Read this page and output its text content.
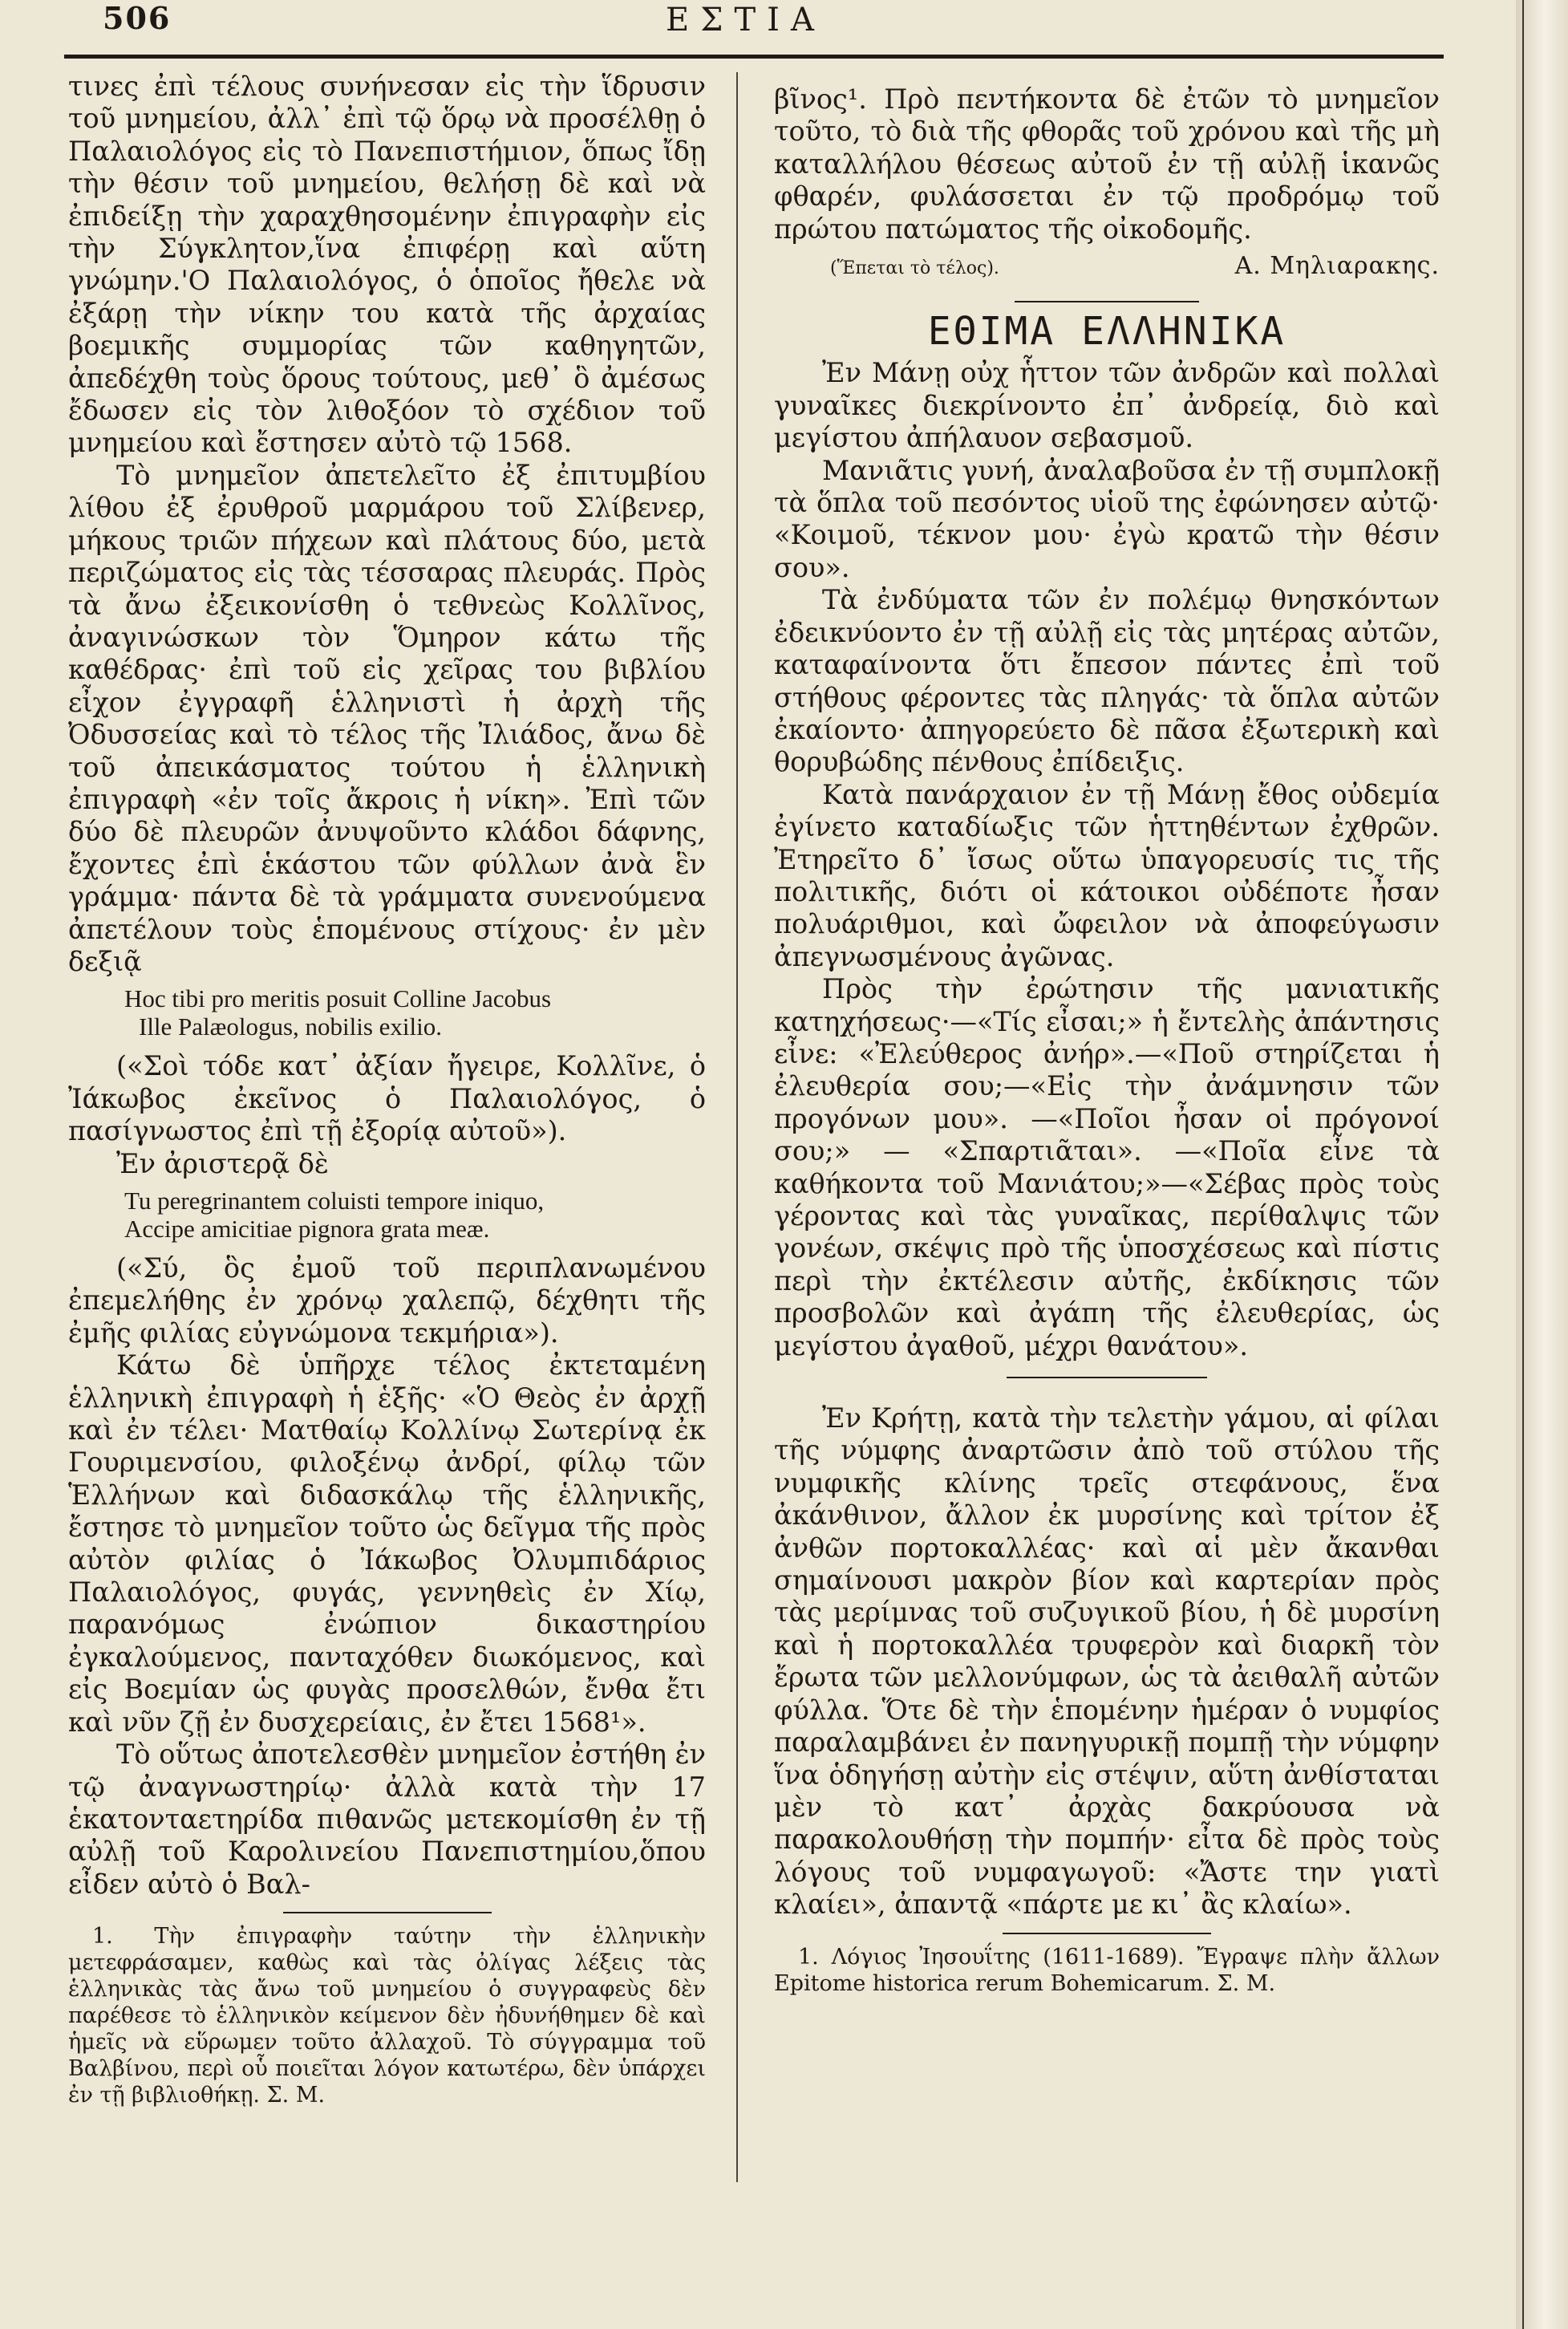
506	ΕΣΤΙΑ

τινες ἐπὶ τέλους συνήνεσαν εἰς τὴν ἵδρυσιν τοῦ μνημείου, ἀλλ᾽ ἐπὶ τῷ ὅρῳ νὰ προσέλθῃ ὁ Παλαιολόγος εἰς τὸ Πανεπιστήμιον, ὅπως ἴδῃ τὴν θέσιν τοῦ μνημείου, θελήσῃ δὲ καὶ νὰ ἐπιδείξῃ τὴν χαραχθησομένην ἐπιγραφὴν εἰς τὴν Σύγκλητον,ἵνα ἐπιφέρῃ καὶ αὕτη γνώμην.'Ο Παλαιολόγος, ὁ ὁποῖος ἤθελε νὰ ἐξάρῃ τὴν νίκην του κατὰ τῆς ἀρχαίας βοεμικῆς συμμορίας τῶν καθηγητῶν, ἀπεδέχθη τοὺς ὅρους τούτους, μεθ᾽ ὃ ἀμέσως ἔδωσεν εἰς τὸν λιθοξόον τὸ σχέδιον τοῦ μνημείου καὶ ἔστησεν αὐτὸ τῷ 1568.

Τὸ μνημεῖον ἀπετελεῖτο ἐξ ἐπιτυμβίου λίθου ἐξ ἐρυθροῦ μαρμάρου τοῦ Σλίβενερ, μήκους τριῶν πήχεων καὶ πλάτους δύο, μετὰ περιζώματος εἰς τὰς τέσσαρας πλευράς. Πρὸς τὰ ἄνω ἐξεικονίσθη ὁ τεθνεὼς Κολλῖνος, ἀναγινώσκων τὸν Ὅμηρον κάτω τῆς καθέδρας· ἐπὶ τοῦ εἰς χεῖρας του βιβλίου εἶχον ἐγγραφῆ ἑλληνιστὶ ἡ ἀρχὴ τῆς Ὀδυσσείας καὶ τὸ τέλος τῆς Ἰλιάδος, ἄνω δὲ τοῦ ἀπεικάσματος τούτου ἡ ἑλληνικὴ ἐπιγραφὴ «ἐν τοῖς ἄκροις ἡ νίκη». Ἐπὶ τῶν δύο δὲ πλευρῶν ἀνυψοῦντο κλάδοι δάφνης, ἔχοντες ἐπὶ ἑκάστου τῶν φύλλων ἀνὰ ἓν γράμμα· πάντα δὲ τὰ γράμματα συνενούμενα ἀπετέλουν τοὺς ἑπομένους στίχους· ἐν μὲν δεξιᾷ

Hoc tibi pro meritis posuit Colline Jacobus
Ille Palæologus, nobilis exilio.

(«Σοὶ τόδε κατ᾽ ἀξίαν ἤγειρε, Κολλῖνε, ὁ Ἰάκωβος ἐκεῖνος ὁ Παλαιολόγος, ὁ πασίγνωστος ἐπὶ τῇ ἐξορίᾳ αὐτοῦ»).

Ἐν ἀριστερᾷ δὲ

Tu peregrinantem coluisti tempore iniquo,
Accipe amicitiae pignora grata meæ.

(«Σύ, ὃς ἐμοῦ τοῦ περιπλανωμένου ἐπεμελήθης ἐν χρόνῳ χαλεπῷ, δέχθητι τῆς ἐμῆς φιλίας εὐγνώμονα τεκμήρια»).

Κάτω δὲ ὑπῆρχε τέλος ἐκτεταμένη ἑλληνικὴ ἐπιγραφὴ ἡ ἑξῆς· «Ὁ Θεὸς ἐν ἀρχῇ καὶ ἐν τέλει· Ματθαίῳ Κολλίνῳ Σωτερίνᾳ ἐκ Γουριμενσίου, φιλοξένῳ ἀνδρί, φίλῳ τῶν Ἑλλήνων καὶ διδασκάλῳ τῆς ἑλληνικῆς, ἔστησε τὸ μνημεῖον τοῦτο ὡς δεῖγμα τῆς πρὸς αὐτὸν φιλίας ὁ Ἰάκωβος Ὀλυμπιδάριος Παλαιολόγος, φυγάς, γεννηθεὶς ἐν Χίῳ, παρανόμως ἐνώπιον δικαστηρίου ἐγκαλούμενος, πανταχόθεν διωκόμενος, καὶ εἰς Βοεμίαν ὡς φυγὰς προσελθών, ἔνθα ἔτι καὶ νῦν ζῇ ἐν δυσχερείαις, ἐν ἔτει 1568¹».

Τὸ οὕτως ἀποτελεσθὲν μνημεῖον ἐστήθη ἐν τῷ ἀναγνωστηρίῳ· ἀλλὰ κατὰ τὴν 17 ἑκατονταετηρίδα πιθανῶς μετεκομίσθη ἐν τῇ αὐλῇ τοῦ Καρολινείου Πανεπιστημίου,ὅπου εἶδεν αὐτὸ ὁ Βαλ-

1. Τὴν ἐπιγραφὴν ταύτην τὴν ἑλληνικὴν μετεφράσαμεν, καθὼς καὶ τὰς ὀλίγας λέξεις τὰς ἑλληνικὰς τὰς ἄνω τοῦ μνημείου ὁ συγγραφεὺς δὲν παρέθεσε τὸ ἑλληνικὸν κείμενον δὲν ἠδυνήθημεν δὲ καὶ ἡμεῖς νὰ εὕρωμεν τοῦτο ἀλλαχοῦ. Τὸ σύγγραμμα τοῦ Βαλβίνου, περὶ οὗ ποιεῖται λόγον κατωτέρω, δὲν ὑπάρχει ἐν τῇ βιβλιοθήκῃ. Σ. Μ.

βῖνος¹. Πρὸ πεντήκοντα δὲ ἐτῶν τὸ μνημεῖον τοῦτο, τὸ διὰ τῆς φθορᾶς τοῦ χρόνου καὶ τῆς μὴ καταλλήλου θέσεως αὐτοῦ ἐν τῇ αὐλῇ ἱκανῶς φθαρέν, φυλάσσεται ἐν τῷ προδρόμῳ τοῦ πρώτου πατώματος τῆς οἰκοδομῆς.

(Ἕπεται τὸ τέλος).	Α. Μηλιαρακης.
ΕΘΙΜΑ ΕΛΛΗΝΙΚΑ

Ἐν Μάνῃ οὐχ ἧττον τῶν ἀνδρῶν καὶ πολλαὶ γυναῖκες διεκρίνοντο ἐπ᾽ ἀνδρείᾳ, διὸ καὶ μεγίστου ἀπήλαυον σεβασμοῦ.

Μανιᾶτις γυνή, ἀναλαβοῦσα ἐν τῇ συμπλοκῇ τὰ ὅπλα τοῦ πεσόντος υἱοῦ της ἐφώνησεν αὐτῷ· «Κοιμοῦ, τέκνον μου· ἐγὼ κρατῶ τὴν θέσιν σου».

Τὰ ἐνδύματα τῶν ἐν πολέμῳ θνησκόντων ἐδεικνύοντο ἐν τῇ αὐλῇ εἰς τὰς μητέρας αὐτῶν, καταφαίνοντα ὅτι ἔπεσον πάντες ἐπὶ τοῦ στήθους φέροντες τὰς πληγάς· τὰ ὅπλα αὐτῶν ἐκαίοντο· ἀπηγορεύετο δὲ πᾶσα ἐξωτερικὴ καὶ θορυβώδης πένθους ἐπίδειξις.

Κατὰ πανάρχαιον ἐν τῇ Μάνῃ ἔθος οὐδεμία ἐγίνετο καταδίωξις τῶν ἡττηθέντων ἐχθρῶν. Ἐτηρεῖτο δ᾽ ἴσως οὕτω ὑπαγορευσίς τις τῆς πολιτικῆς, διότι οἱ κάτοικοι οὐδέποτε ἦσαν πολυάριθμοι, καὶ ὤφειλον νὰ ἀποφεύγωσιν ἀπεγνωσμένους ἀγῶνας.

Πρὸς τὴν ἐρώτησιν τῆς μανιατικῆς κατηχήσεως·—«Τίς εἶσαι;» ἡ ἔντελὴς ἀπάντησις εἶνε: «Ἐλεύθερος ἀνήρ».—«Ποῦ στηρίζεται ἡ ἐλευθερία σου;—«Εἰς τὴν ἀνάμνησιν τῶν προγόνων μου». —«Ποῖοι ἦσαν οἱ πρόγονοί σου;» — «Σπαρτιᾶται». —«Ποῖα εἶνε τὰ καθήκοντα τοῦ Μανιάτου;»—«Σέβας πρὸς τοὺς γέροντας καὶ τὰς γυναῖκας, περίθαλψις τῶν γονέων, σκέψις πρὸ τῆς ὑποσχέσεως καὶ πίστις περὶ τὴν ἐκτέλεσιν αὐτῆς, ἐκδίκησις τῶν προσβολῶν καὶ ἀγάπη τῆς ἐλευθερίας, ὡς μεγίστου ἀγαθοῦ, μέχρι θανάτου».

Ἐν Κρήτῃ, κατὰ τὴν τελετὴν γάμου, αἱ φίλαι τῆς νύμφης ἀναρτῶσιν ἀπὸ τοῦ στύλου τῆς νυμφικῆς κλίνης τρεῖς στεφάνους, ἕνα ἀκάνθινον, ἄλλον ἐκ μυρσίνης καὶ τρίτον ἐξ ἀνθῶν πορτοκαλλέας· καὶ αἱ μὲν ἄκανθαι σημαίνουσι μακρὸν βίον καὶ καρτερίαν πρὸς τὰς μερίμνας τοῦ συζυγικοῦ βίου, ἡ δὲ μυρσίνη καὶ ἡ πορτοκαλλέα τρυφερὸν καὶ διαρκῆ τὸν ἔρωτα τῶν μελλονύμφων, ὡς τὰ ἀειθαλῆ αὐτῶν φύλλα. Ὅτε δὲ τὴν ἑπομένην ἡμέραν ὁ νυμφίος παραλαμβάνει ἐν πανηγυρικῇ πομπῇ τὴν νύμφην ἵνα ὁδηγήσῃ αὐτὴν εἰς στέψιν, αὕτη ἀνθίσταται μὲν τὸ κατ᾽ ἀρχὰς δακρύουσα νὰ παρακολουθήσῃ τὴν πομπήν· εἶτα δὲ πρὸς τοὺς λόγους τοῦ νυμφαγωγοῦ: «Ἄστε την γιατὶ κλαίει», ἀπαντᾷ «πάρτε με κι᾽ ἂς κλαίω».

1. Λόγιος Ἰησουΐτης (1611-1689). Ἔγραψε πλὴν ἄλλων Epitome historica rerum Bohemicarum. Σ. Μ.
